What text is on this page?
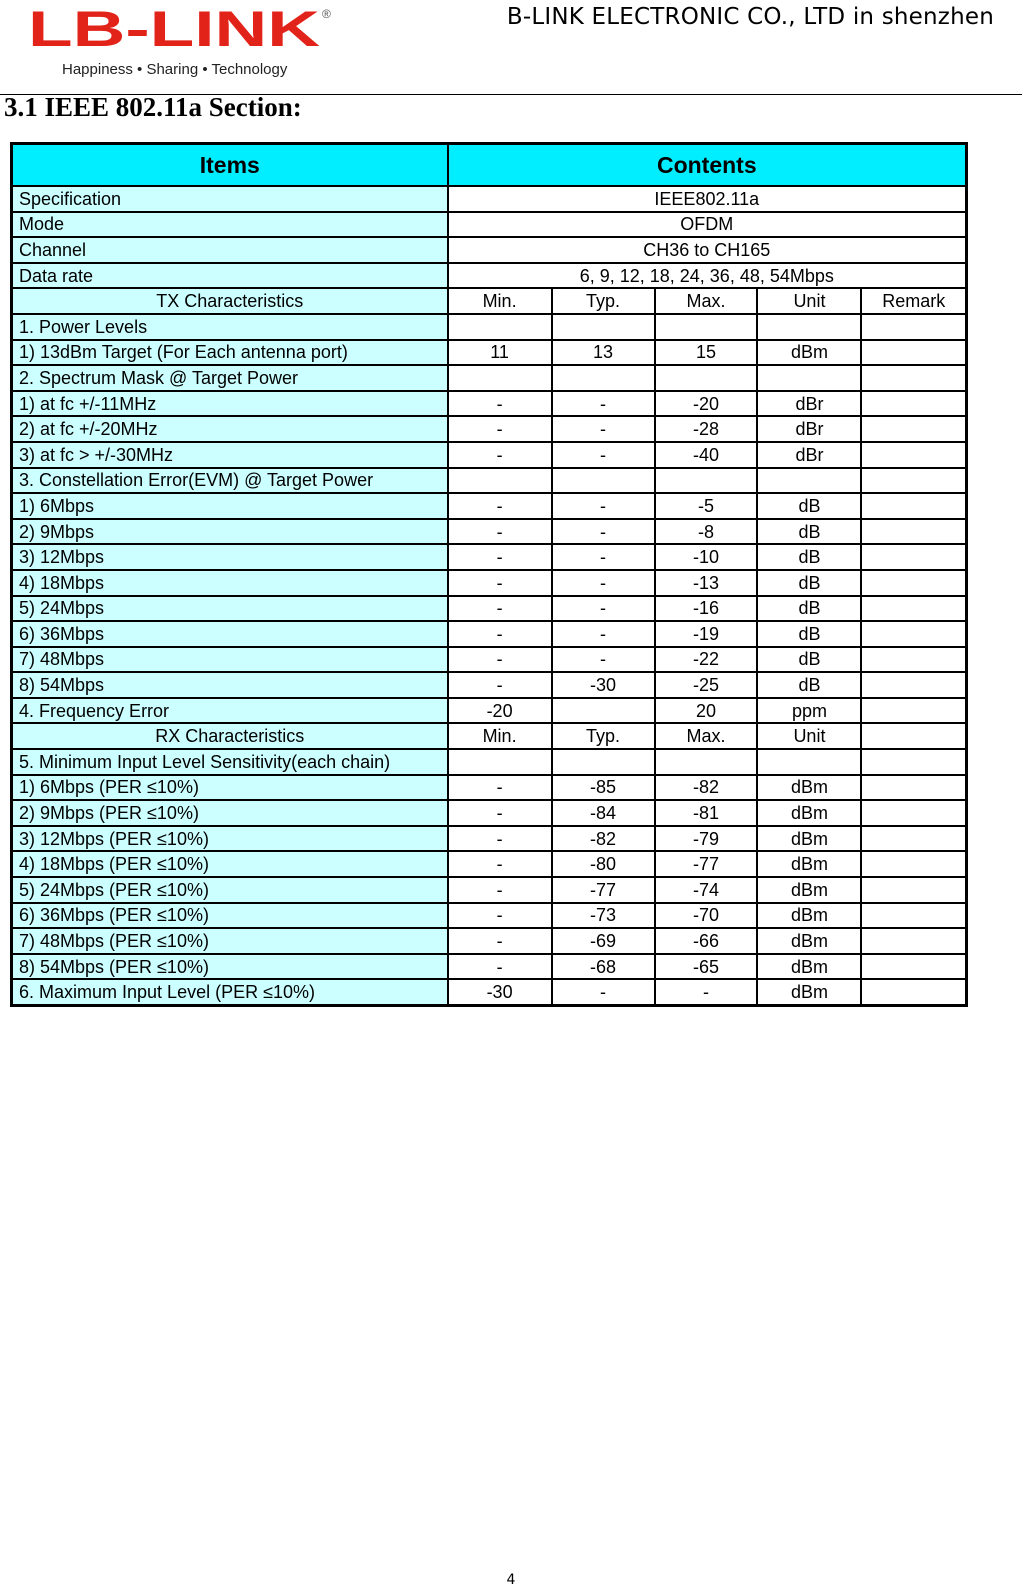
LB-LINK ®
Happiness • Sharing • Technology
B-LINK ELECTRONIC CO., LTD in shenzhen
3.1 IEEE 802.11a Section:
Items	Contents				
Specification	IEEE802.11a				
Mode	OFDM				
Channel	CH36 to CH165				
Data rate	6, 9, 12, 18, 24, 36, 48, 54Mbps				
TX Characteristics	Min.	Typ.	Max.	Unit	Remark
1. Power Levels					
1) 13dBm Target (For Each antenna port)	11	13	15	dBm	
2. Spectrum Mask @ Target Power					
1) at fc +/-11MHz	-	-	-20	dBr	
2) at fc +/-20MHz	-	-	-28	dBr	
3) at fc > +/-30MHz	-	-	-40	dBr	
3. Constellation Error(EVM) @ Target Power					
1) 6Mbps	-	-	-5	dB	
2) 9Mbps	-	-	-8	dB	
3) 12Mbps	-	-	-10	dB	
4) 18Mbps	-	-	-13	dB	
5) 24Mbps	-	-	-16	dB	
6) 36Mbps	-	-	-19	dB	
7) 48Mbps	-	-	-22	dB	
8) 54Mbps	-	-30	-25	dB	
4. Frequency Error	-20		20	ppm	
RX Characteristics	Min.	Typ.	Max.	Unit	
5. Minimum Input Level Sensitivity(each chain)					
1) 6Mbps (PER ≤10%)	-	-85	-82	dBm	
2) 9Mbps (PER ≤10%)	-	-84	-81	dBm	
3) 12Mbps (PER ≤10%)	-	-82	-79	dBm	
4) 18Mbps (PER ≤10%)	-	-80	-77	dBm	
5) 24Mbps (PER ≤10%)	-	-77	-74	dBm	
6) 36Mbps (PER ≤10%)	-	-73	-70	dBm	
7) 48Mbps (PER ≤10%)	-	-69	-66	dBm	
8) 54Mbps (PER ≤10%)	-	-68	-65	dBm	
6. Maximum Input Level (PER ≤10%)	-30	-	-	dBm	
4
